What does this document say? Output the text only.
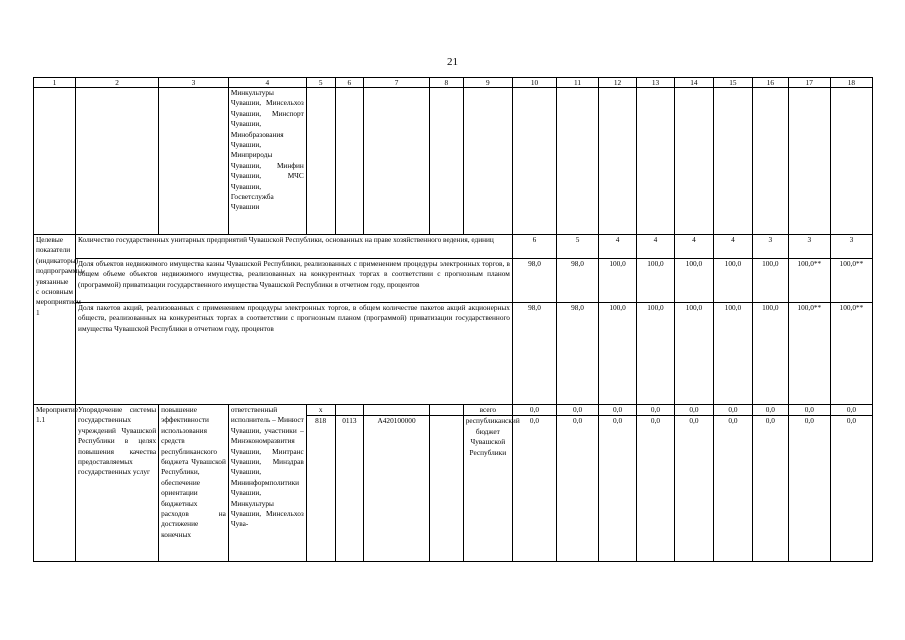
21
1	2	3	4	5	6	7	8	9	10	11	12	13	14	15	16	17	18
			Минкультуры Чувашии, Минсельхоз Чувашии, Минспорт Чувашии, Минобразования Чувашии, Минприроды Чувашии, Минфин Чувашии, МЧС Чувашии, Госветслужба Чувашии														
Целевые показатели (индикаторы) подпрограммы, увязанные с основным мероприятием 1	Количество государственных унитарных предприятий Чувашской Республики, основанных на праве хозяйственного ведения, единиц								6	5	4	4	4	4	3	3	3
	Доля объектов недвижимого имущества казны Чувашской Республики, реализованных с применением процедуры электронных торгов, в общем объеме объектов недвижимого имущества, реализованных на конкурентных торгах в соответствии с прогнозным планом (программой) приватизации государственного имущества Чувашской Республики в отчетном году, процентов								98,0	98,0	100,0	100,0	100,0	100,0	100,0	100,0**	100,0**
	Доля пакетов акций, реализованных с применением процедуры электронных торгов, в общем количестве пакетов акций акционерных обществ, реализованных на конкурентных торгах в соответствии с прогнозным планом (программой) приватизации государственного имущества Чувашской Республики в отчетном году, процентов								98,0	98,0	100,0	100,0	100,0	100,0	100,0	100,0**	100,0**
Мероприятие 1.1	Упорядочение системы государственных учреждений Чувашской Республики в целях повышения качества предоставляемых государственных услуг	повышение эффективности использования средств республиканского бюджета Чувашской Республики, обеспечение ориентации бюджетных расходов на достижение конечных	ответственный исполнитель – Минюст Чувашии, участники – Минэкономразвития Чувашии, Минтранс Чувашии, Минздрав Чувашии, Мининформполитики Чувашии, Минкультуры Чувашии, Минсельхоз Чува-	x				всего	0,0	0,0	0,0	0,0	0,0	0,0	0,0	0,0	0,0
				818	0113	А420100000		республиканский бюджет Чувашской Республики	0,0	0,0	0,0	0,0	0,0	0,0	0,0	0,0	0,0
